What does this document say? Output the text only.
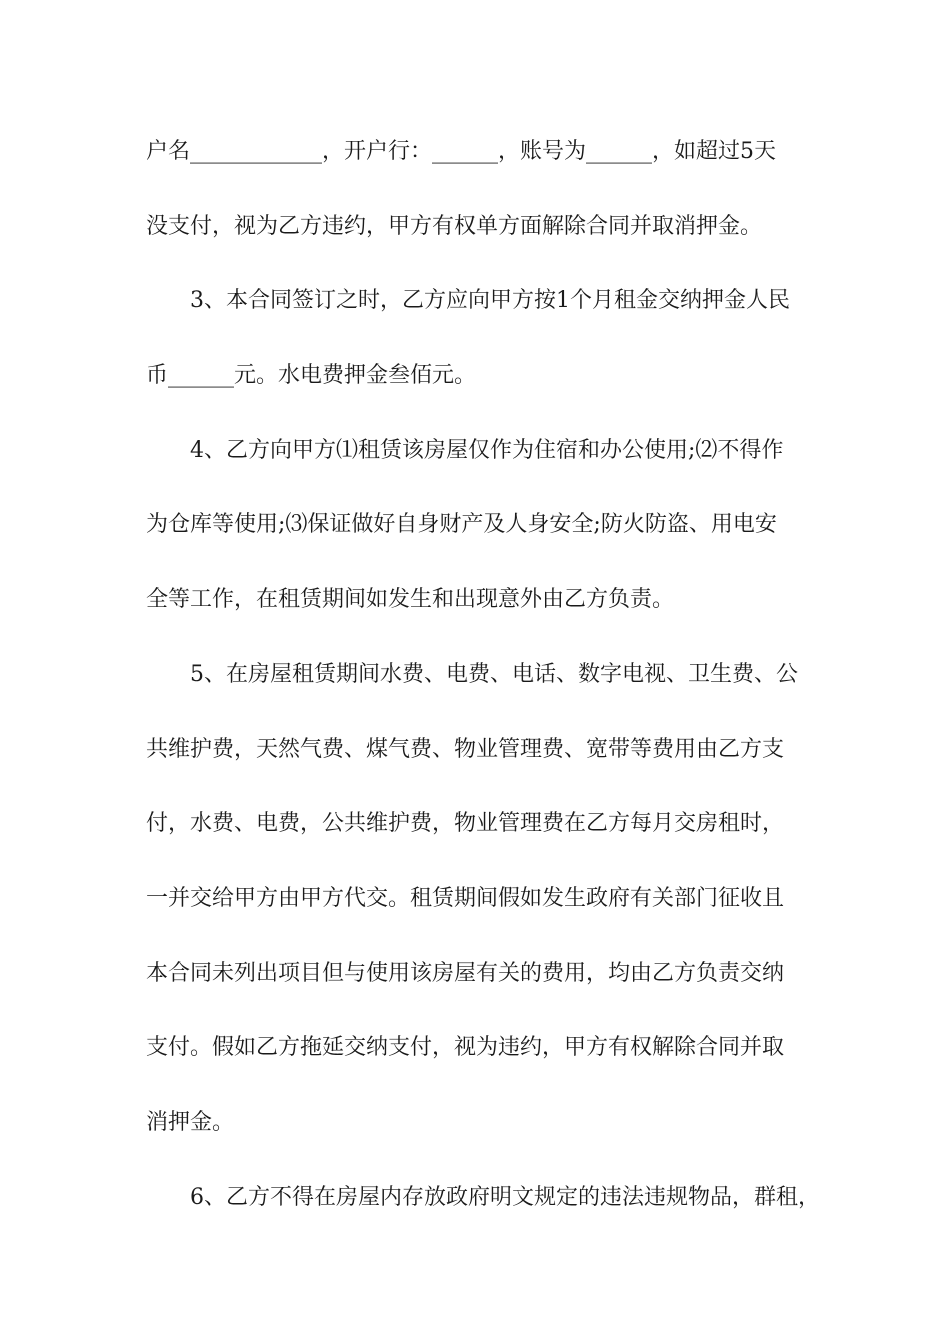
户名____________，开户行：______，账号为______，如超过5天
没支付，视为乙方违约，甲方有权单方面解除合同并取消押金。
3、本合同签订之时，乙方应向甲方按1个月租金交纳押金人民
币______元。水电费押金叁佰元。
4、乙方向甲方⑴租赁该房屋仅作为住宿和办公使用;⑵不得作
为仓库等使用;⑶保证做好自身财产及人身安全;防火防盗、用电安
全等工作，在租赁期间如发生和出现意外由乙方负责。
5、在房屋租赁期间水费、电费、电话、数字电视、卫生费、公
共维护费，天然气费、煤气费、物业管理费、宽带等费用由乙方支
付，水费、电费，公共维护费，物业管理费在乙方每月交房租时，
一并交给甲方由甲方代交。租赁期间假如发生政府有关部门征收且
本合同未列出项目但与使用该房屋有关的费用，均由乙方负责交纳
支付。假如乙方拖延交纳支付，视为违约，甲方有权解除合同并取
消押金。
6、乙方不得在房屋内存放政府明文规定的违法违规物品，群租，
